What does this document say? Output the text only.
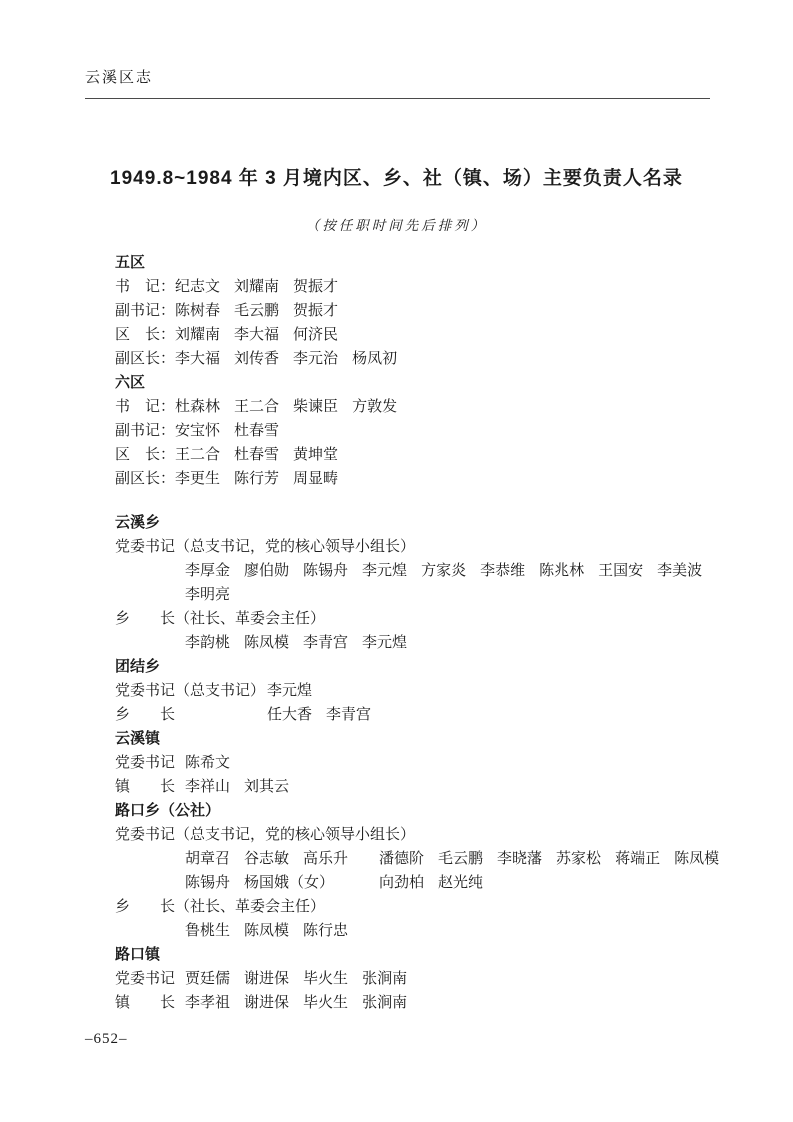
云溪区志
1949.8~1984 年 3 月境内区、乡、社（镇、场）主要负责人名录
（按任职时间先后排列）
五区
书　记：纪志文 刘耀南 贺振才
副书记：陈树春 毛云鹏 贺振才
区　长：刘耀南 李大福 何济民
副区长：李大福 刘传香 李元治 杨凤初
六区
书　记：杜森林 王二合 柴谏臣 方敦发
副书记：安宝怀 杜春雪
区　长：王二合 杜春雪 黄坤堂
副区长：李更生 陈行芳 周显畴
云溪乡
党委书记（总支书记，党的核心领导小组长）
李厚金 廖伯勋 陈锡舟 李元煌 方家炎 李恭维 陈兆林 王国安 李美波
李明亮
乡　　长（社长、革委会主任）
李韵桃 陈凤模 李青宫 李元煌
团结乡
党委书记（总支书记） 李元煌
乡　　长	任大香 李青宫
云溪镇
党委书记 陈希文
镇　　长 李祥山 刘其云
路口乡（公社）
党委书记（总支书记，党的核心领导小组长）
胡章召 谷志敏 高乐升 潘德阶 毛云鹏 李晓藩 苏家松 蒋端正 陈凤模
陈锡舟 杨国娥（女）	向劲柏 赵光纯
乡　　长（社长、革委会主任）
鲁桃生 陈凤模 陈行忠
路口镇
党委书记 贾廷儒 谢进保 毕火生 张涧南
镇　　长 李孝祖 谢进保 毕火生 张涧南
–652–
